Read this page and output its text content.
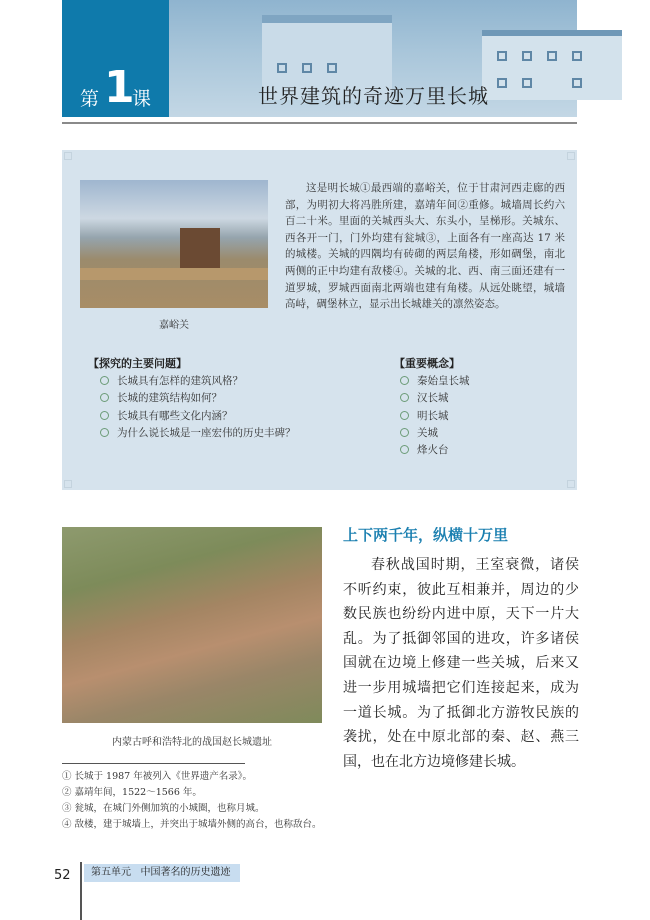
世界建筑的奇迹万里长城
第 1
课
嘉峪关
这是明长城①最西端的嘉峪关，位于甘肃河西走廊的西部，为明初大将冯胜所建，嘉靖年间②重修。城墙周长约六百二十米。里面的关城西头大、东头小，呈梯形。关城东、西各开一门，门外均建有瓮城③，上面各有一座高达 17 米的城楼。关城的四隅均有砖砌的两层角楼，形如碉堡，南北两侧的正中均建有敌楼④。关城的北、西、南三面还建有一道罗城，罗城西面南北两端也建有角楼。从远处眺望，城墙高峙，碉堡林立，显示出长城雄关的凛然姿态。
【探究的主要问题】
长城具有怎样的建筑风格？
长城的建筑结构如何？
长城具有哪些文化内涵？
为什么说长城是一座宏伟的历史丰碑？
【重要概念】
秦始皇长城
汉长城
明长城
关城
烽火台
内蒙古呼和浩特北的战国赵长城遗址
上下两千年，纵横十万里
春秋战国时期，王室衰微，诸侯不听约束，彼此互相兼并，周边的少数民族也纷纷内进中原，天下一片大乱。为了抵御邻国的进攻，许多诸侯国就在边境上修建一些关城，后来又进一步用城墙把它们连接起来，成为一道长城。为了抵御北方游牧民族的袭扰，处在中原北部的秦、赵、燕三国，也在北方边境修建长城。
① 长城于 1987 年被列入《世界遗产名录》。
② 嘉靖年间，1522～1566 年。
③ 瓮城，在城门外侧加筑的小城圈，也称月城。
④ 敌楼，建于城墙上，并突出于城墙外侧的高台，也称敌台。
52	第五单元   中国著名的历史遗迹
